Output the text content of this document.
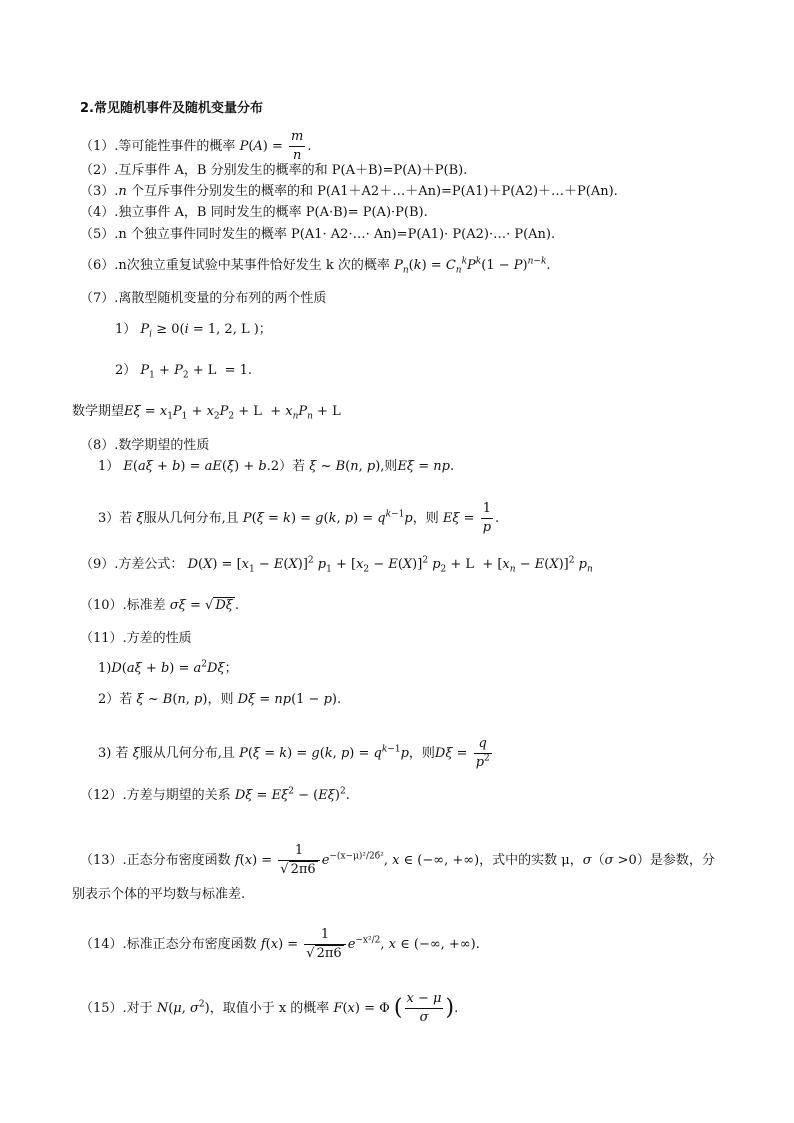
2.常见随机事件及随机变量分布
（1）.等可能性事件的概率 $P(A) = \frac{m}{n}$ .
（2）.互斥事件 A，B 分别发生的概率的和 P(A＋B)=P(A)＋P(B).
（3）.n 个互斥事件分别发生的概率的和 P(A1＋A2＋…＋An)=P(A1)＋P(A2)＋…＋P(An).
（4）.独立事件 A，B 同时发生的概率 P(A·B)= P(A)·P(B).
（5）.n 个独立事件同时发生的概率 P(A1· A2·…· An)=P(A1)· P(A2)·…· P(An).
（6）.n次独立重复试验中某事件恰好发生 k 次的概率 $P_n(k) = C_n^kP^k(1 - P)^{n-k}$.
（7）.离散型随机变量的分布列的两个性质
1） $P_i \ge 0(i = 1$, 2, L )；
2） $P_1 + P_2 + L = 1$.
数学期望$E\xi = x_1P_1 + x_2P_2 + L + x_nP_n + L$
（8）.数学期望的性质
1） E(aξ + b) = aE(ξ) + b.2）若 ξ ~ B(n, p),则Eξ = np.
3）若 ξ服从几何分布,且 P(ξ = k) = g(k, $p) = q^{k-1}p$，则 $E\xi = \frac{1}{p}$ .
（9）.方差公式： $D(X) = [x_1 - E(X)]^2$ $p_1 + [x_2 - E(X)]^2$ $p_2 + L + [x_n - E(X)]^2$ $p_n$
（10）.标准差 σξ = √ Dξ .
（11）.方差的性质
$1)D(a\xi + b) = a^2D\xi$；
2）若 ξ ~ B(n, p)，则 Dξ = np(1 − p).
3) 若 ξ服从几何分布,且 P(ξ = k) = g(k, $p) = q^{k-1}p$，则$D\xi = \frac{q}{p^2}$
（12）.方差与期望的关系 $D\xi = E\xi^2 - (E\xi)^2$.
（13）.正态分布密度函数 $f(x) = \frac{1}{√ 2\pi 6} e^{-(x-\mu)^2/2б^2}$, x ∈ (−∞, +∞)，式中的实数 μ，σ（σ >0）是参数，分
别表示个体的平均数与标准差.
（14）.标准正态分布密度函数 $f(x) = \frac{1}{√ 2\pi 6} e^{-x^2/2}$, x ∈ (−∞, +∞).
（15）.对于 N(μ, $\sigma^2$)，取值小于 x 的概率 F(x) = Φ ( $\frac{x - \mu}{\sigma}$ ).
